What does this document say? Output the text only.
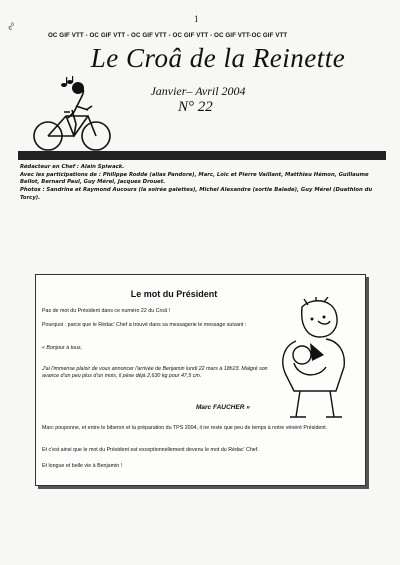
1
e⁰
OC GIF VTT - OC GIF VTT - OC GIF VTT - OC GIF VTT - OC GIF VTT-OC GIF VTT
Le Croâ de la Reinette
Janvier– Avril 2004
N° 22

Rédacteur en Chef : Alain Spiwack.

Avec les participations de : Philippe Rodde (alias Pandore), Marc, Loïc et Pierre Vaillant, Matthieu Hémon, Guillaume Bellot, Bernard Paul, Guy Mérel, Jacques Drouet.

Photos : Sandrine et Raymond Aucours (la soirée galettes), Michel Alexandre (sortie Balade), Guy Mérel (Duathlon du Torcy).

Le mot du Président
Pas de mot du Président dans ce numéro 22 du Croâ !
Pourquoi : parce que le Rédac' Chef a trouvé dans sa messagerie le message suivant :
« Bonjour à tous,
J'ai l'immense plaisir de vous annoncer l'arrivée de Benjamin lundi 22 mars à 18h23. Malgré son avance d'un peu plus d'un mois, il pèse déjà 2,630 kg pour 47,5 cm.
Marc FAUCHER »
Marc pouponne, et entre le biberon et la préparation du TPS 2004, il ne reste que peu de temps à notre vénéré Président.
Et c'est ainsi que le mot du Président est exceptionnellement devenu le mot du Rédac' Chef.
Et longue et belle vie à Benjamin !
